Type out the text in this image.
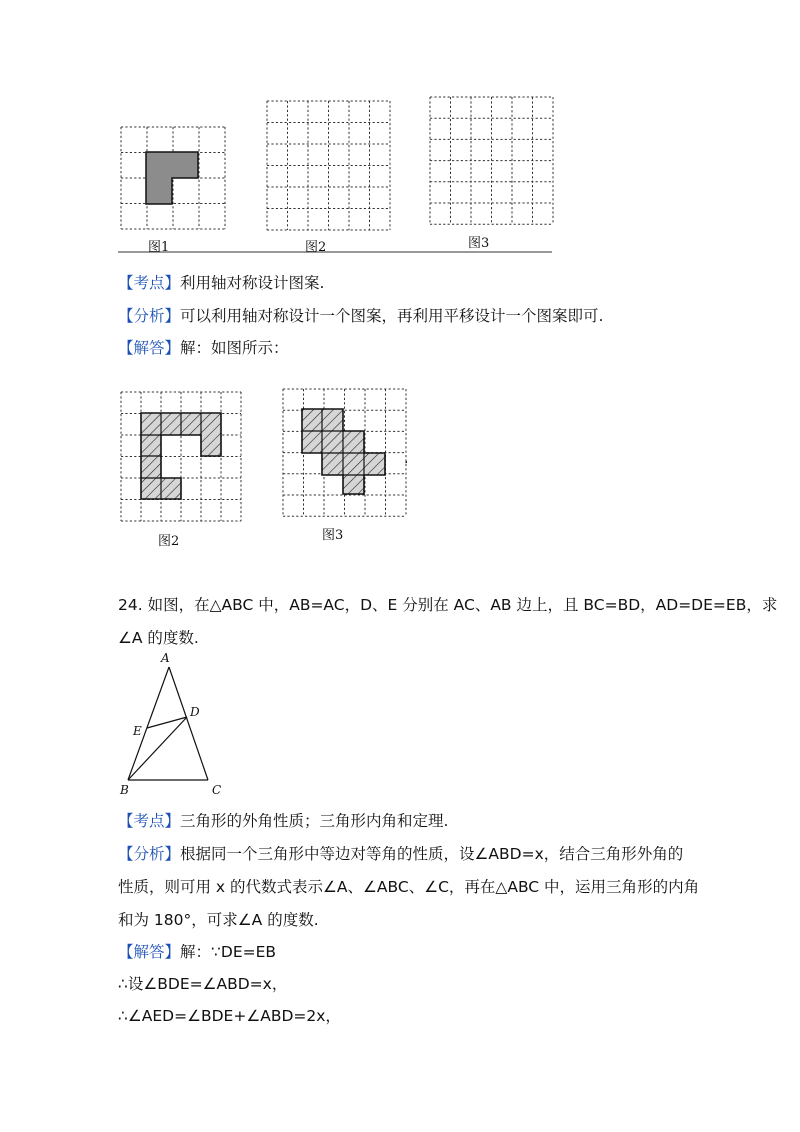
图1	图2	图3
【考点】利用轴对称设计图案.
【分析】可以利用轴对称设计一个图案，再利用平移设计一个图案即可.
【解答】解：如图所示：
.
图2	图3
24. 如图，在△ABC 中，AB=AC，D、E 分别在 AC、AB 边上，且 BC=BD，AD=DE=EB，求
∠A 的度数.
A
D
E
B	C
【考点】三角形的外角性质；三角形内角和定理.
【分析】根据同一个三角形中等边对等角的性质，设∠ABD=x，结合三角形外角的
性质，则可用 x 的代数式表示∠A、∠ABC、∠C，再在△ABC 中，运用三角形的内角
和为 180°，可求∠A 的度数.
【解答】解：∵DE=EB
∴设∠BDE=∠ABD=x，
∴∠AED=∠BDE+∠ABD=2x，
